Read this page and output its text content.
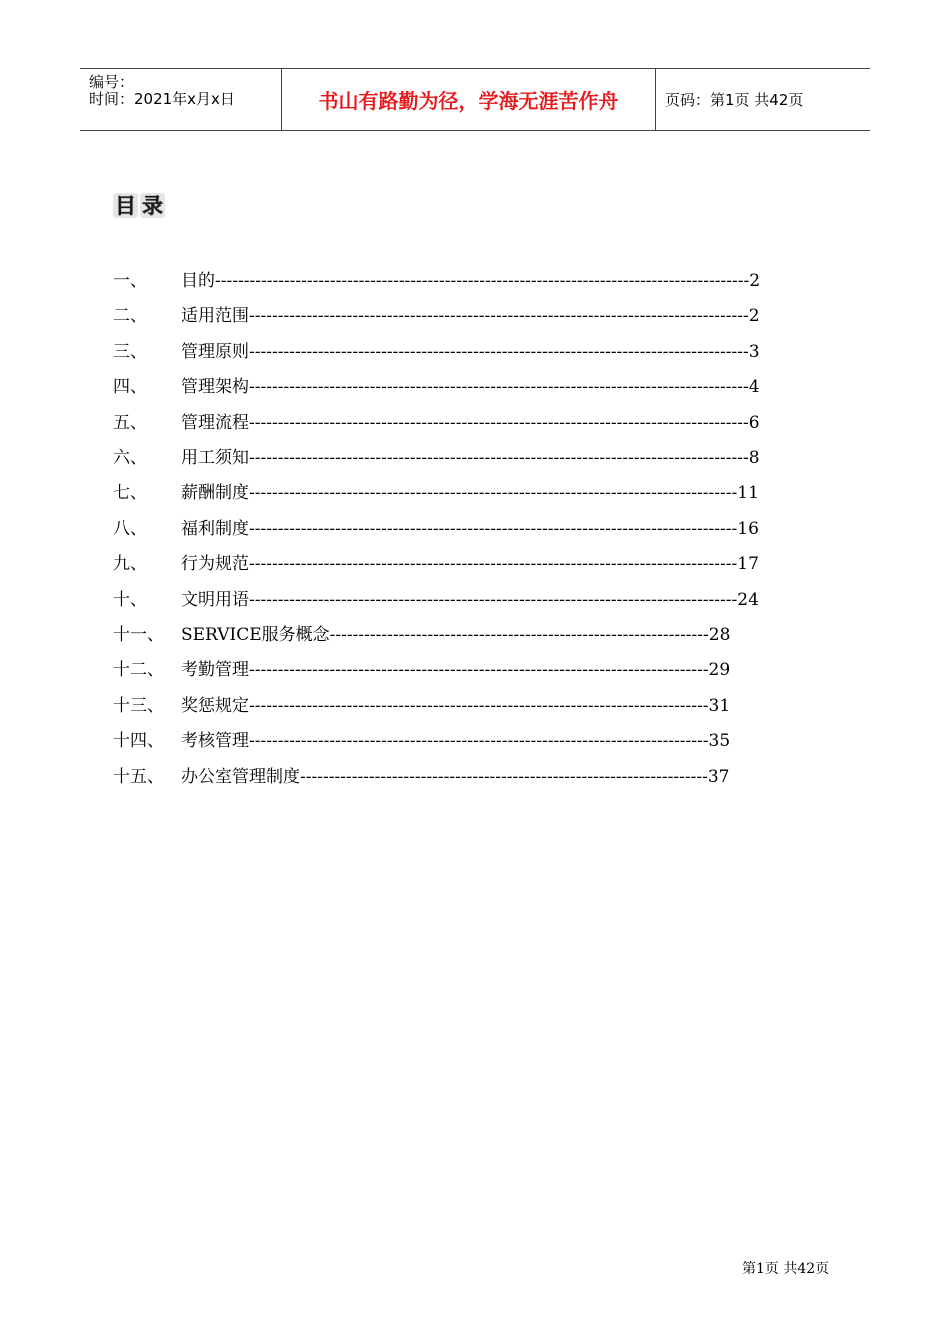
编号：
时间：2021年x月x日	书山有路勤为径，学海无涯苦作舟	页码：第1页 共42页
目 录
一、 目的---------------------------------------------------------------------------------------------2
二、 适用范围---------------------------------------------------------------------------------------2
三、 管理原则---------------------------------------------------------------------------------------3
四、 管理架构---------------------------------------------------------------------------------------4
五、 管理流程---------------------------------------------------------------------------------------6
六、 用工须知---------------------------------------------------------------------------------------8
七、 薪酬制度-------------------------------------------------------------------------------------11
八、 福利制度-------------------------------------------------------------------------------------16
九、 行为规范-------------------------------------------------------------------------------------17
十、 文明用语-------------------------------------------------------------------------------------24
十一、 SERVICE服务概念------------------------------------------------------------------28
十二、 考勤管理--------------------------------------------------------------------------------29
十三、 奖惩规定--------------------------------------------------------------------------------31
十四、 考核管理--------------------------------------------------------------------------------35
十五、 办公室管理制度-----------------------------------------------------------------------37
第1页 共42页
